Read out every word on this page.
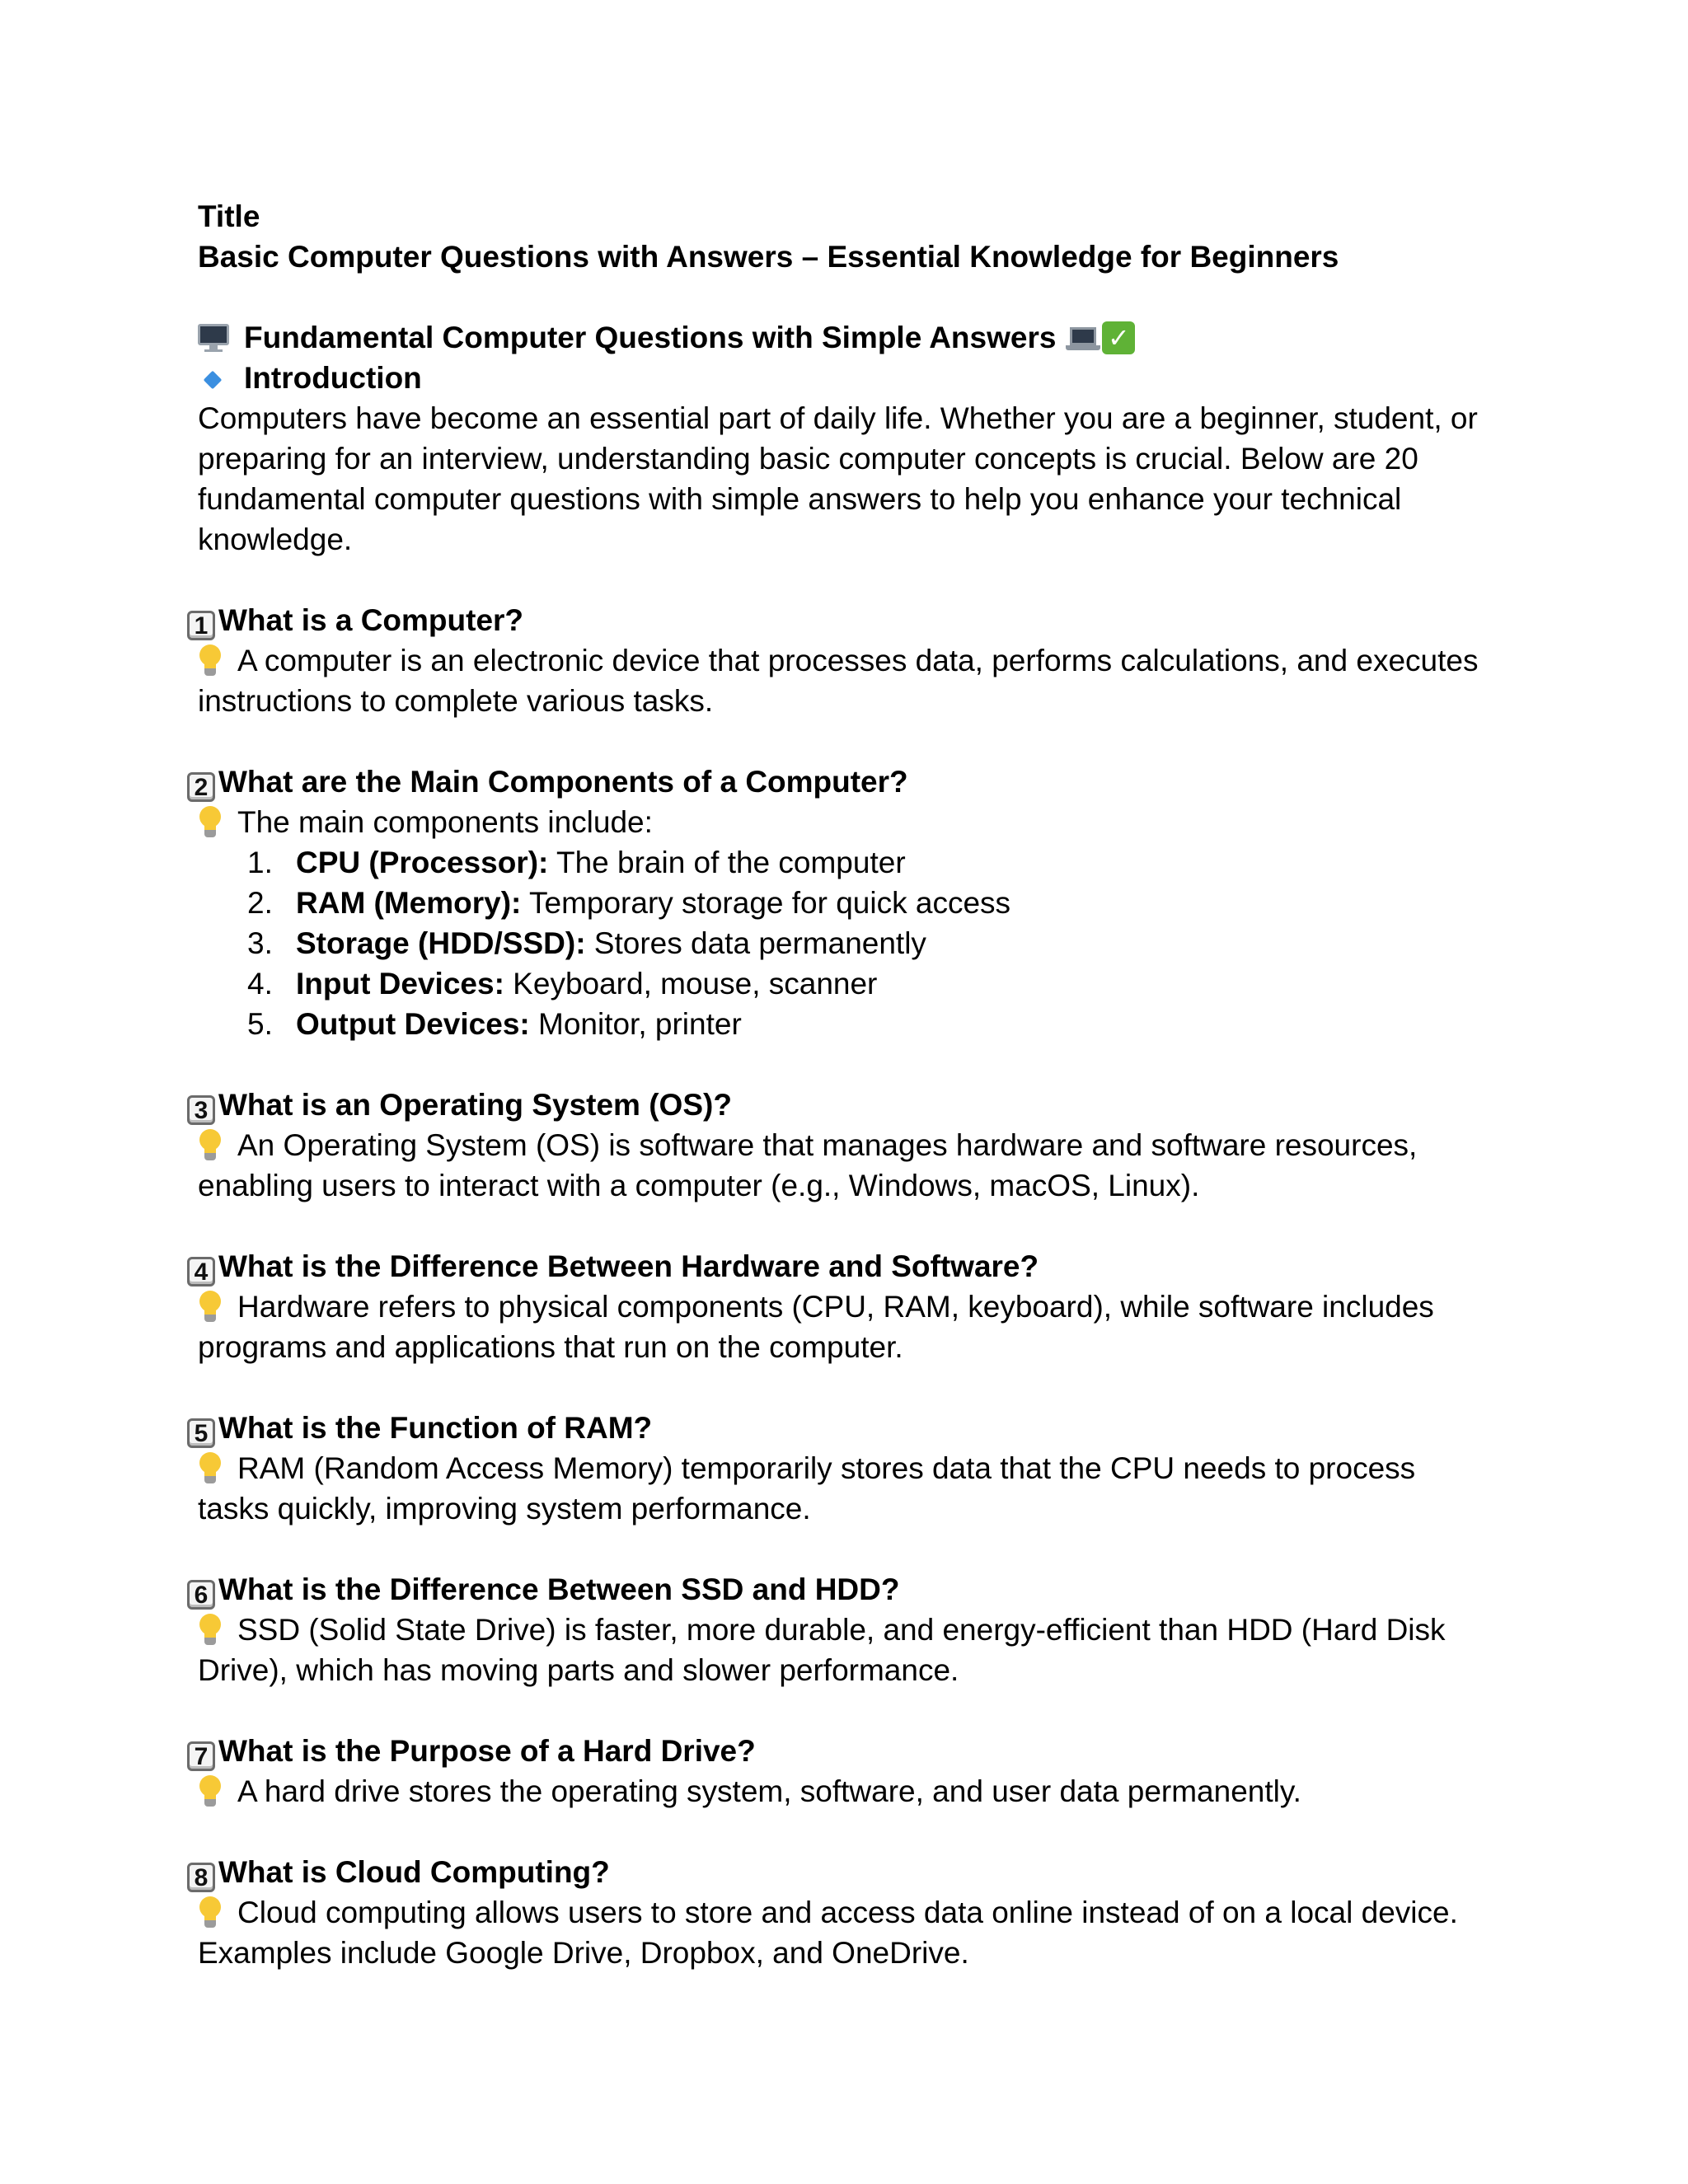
Title
Basic Computer Questions with Answers – Essential Knowledge for Beginners
Fundamental Computer Questions with Simple Answers ✓
Introduction
Computers have become an essential part of daily life. Whether you are a beginner, student, or
preparing for an interview, understanding basic computer concepts is crucial. Below are 20
fundamental computer questions with simple answers to help you enhance your technical
knowledge.
1 What is a Computer?
A computer is an electronic device that processes data, performs calculations, and executes
instructions to complete various tasks.
2 What are the Main Components of a Computer?
The main components include:
1. CPU (Processor): The brain of the computer
2. RAM (Memory): Temporary storage for quick access
3. Storage (HDD/SSD): Stores data permanently
4. Input Devices: Keyboard, mouse, scanner
5. Output Devices: Monitor, printer
3 What is an Operating System (OS)?
An Operating System (OS) is software that manages hardware and software resources,
enabling users to interact with a computer (e.g., Windows, macOS, Linux).
4 What is the Difference Between Hardware and Software?
Hardware refers to physical components (CPU, RAM, keyboard), while software includes
programs and applications that run on the computer.
5 What is the Function of RAM?
RAM (Random Access Memory) temporarily stores data that the CPU needs to process
tasks quickly, improving system performance.
6 What is the Difference Between SSD and HDD?
SSD (Solid State Drive) is faster, more durable, and energy-efficient than HDD (Hard Disk
Drive), which has moving parts and slower performance.
7 What is the Purpose of a Hard Drive?
A hard drive stores the operating system, software, and user data permanently.
8 What is Cloud Computing?
Cloud computing allows users to store and access data online instead of on a local device.
Examples include Google Drive, Dropbox, and OneDrive.
